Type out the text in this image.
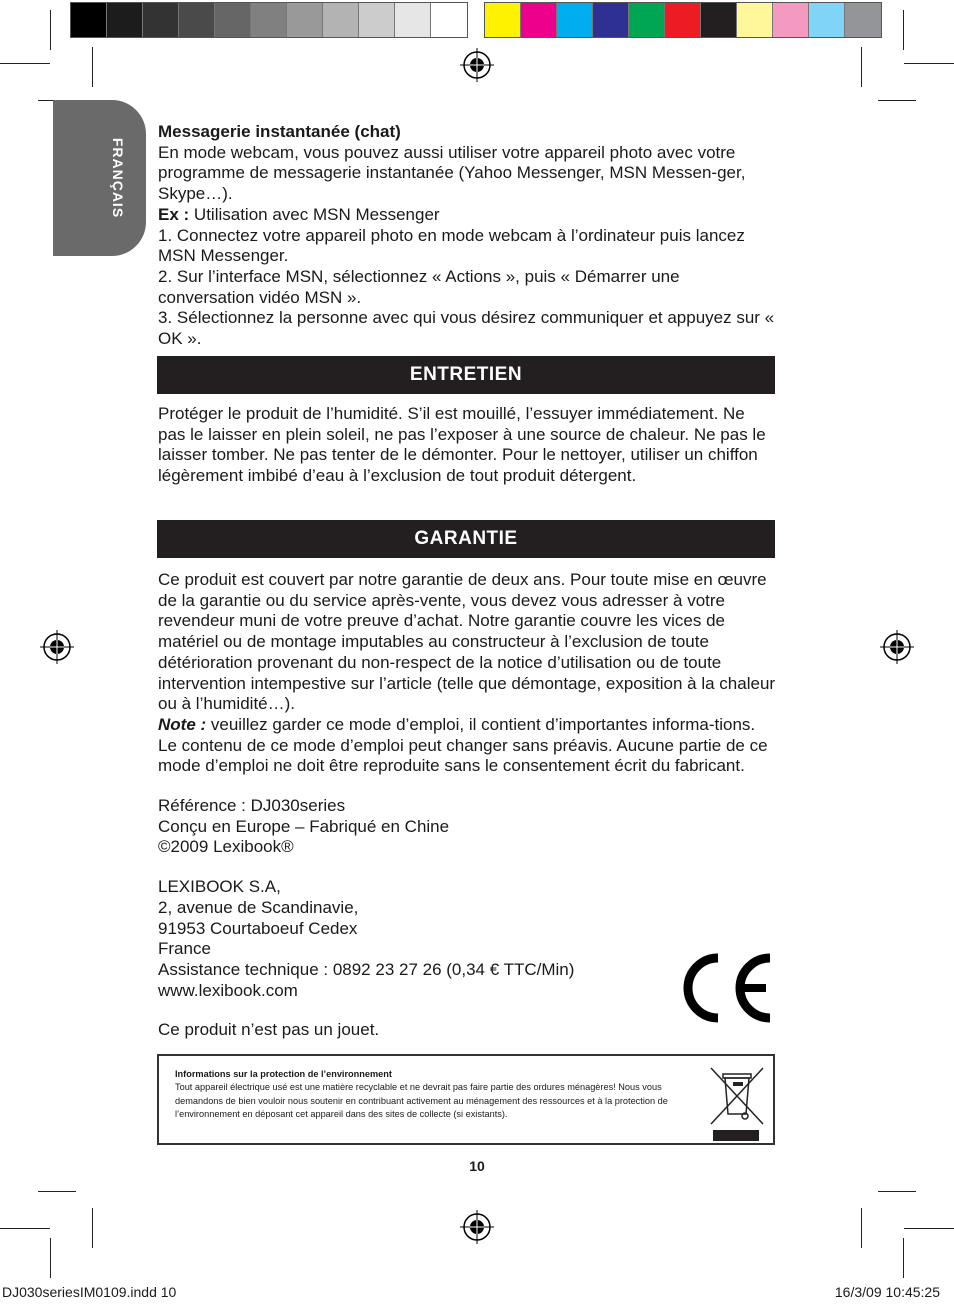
FRANÇAIS

Messagerie instantanée (chat)

En mode webcam, vous pouvez aussi utiliser votre appareil photo avec votre programme de messagerie instantanée (Yahoo Messenger, MSN Messen-ger, Skype…).

Ex : Utilisation avec MSN Messenger

1. Connectez votre appareil photo en mode webcam à l’ordinateur puis lancez MSN Messenger.

2. Sur l’interface MSN, sélectionnez « Actions », puis « Démarrer une conversation vidéo MSN ».

3. Sélectionnez la personne avec qui vous désirez communiquer et appuyez sur « OK ».

ENTRETIEN

Protéger le produit de l’humidité. S’il est mouillé, l’essuyer immédiatement. Ne pas le laisser en plein soleil, ne pas l’exposer à une source de chaleur. Ne pas le laisser tomber. Ne pas tenter de le démonter. Pour le nettoyer, utiliser un chiffon légèrement imbibé d’eau à l’exclusion de tout produit détergent.

GARANTIE

Ce produit est couvert par notre garantie de deux ans. Pour toute mise en œuvre de la garantie ou du service après-vente, vous devez vous adresser à votre revendeur muni de votre preuve d’achat. Notre garantie couvre les vices de matériel ou de montage imputables au constructeur à l’exclusion de toute détérioration provenant du non-respect de la notice d’utilisation ou de toute intervention intempestive sur l’article (telle que démontage, exposition à la chaleur ou à l’humidité…).

Note : veuillez garder ce mode d’emploi, il contient d’importantes informa-tions. Le contenu de ce mode d’emploi peut changer sans préavis. Aucune partie de ce mode d’emploi ne doit être reproduite sans le consentement écrit du fabricant.

Référence : DJ030series

Conçu en Europe – Fabriqué en Chine

©2009 Lexibook®

LEXIBOOK S.A,

2, avenue de Scandinavie,

91953 Courtaboeuf Cedex

France

Assistance technique : 0892 23 27 26 (0,34 € TTC/Min)

www.lexibook.com

Ce produit n’est pas un jouet.

Informations sur la protection de l’environnement
Tout appareil électrique usé est une matière recyclable et ne devrait pas faire partie des ordures ménagères! Nous vous demandons de bien vouloir nous soutenir en contribuant activement au ménagement des ressources et à la protection de l’environnement en déposant cet appareil dans des sites de collecte (si existants).
10
DJ030seriesIM0109.indd 10	16/3/09 10:45:25
